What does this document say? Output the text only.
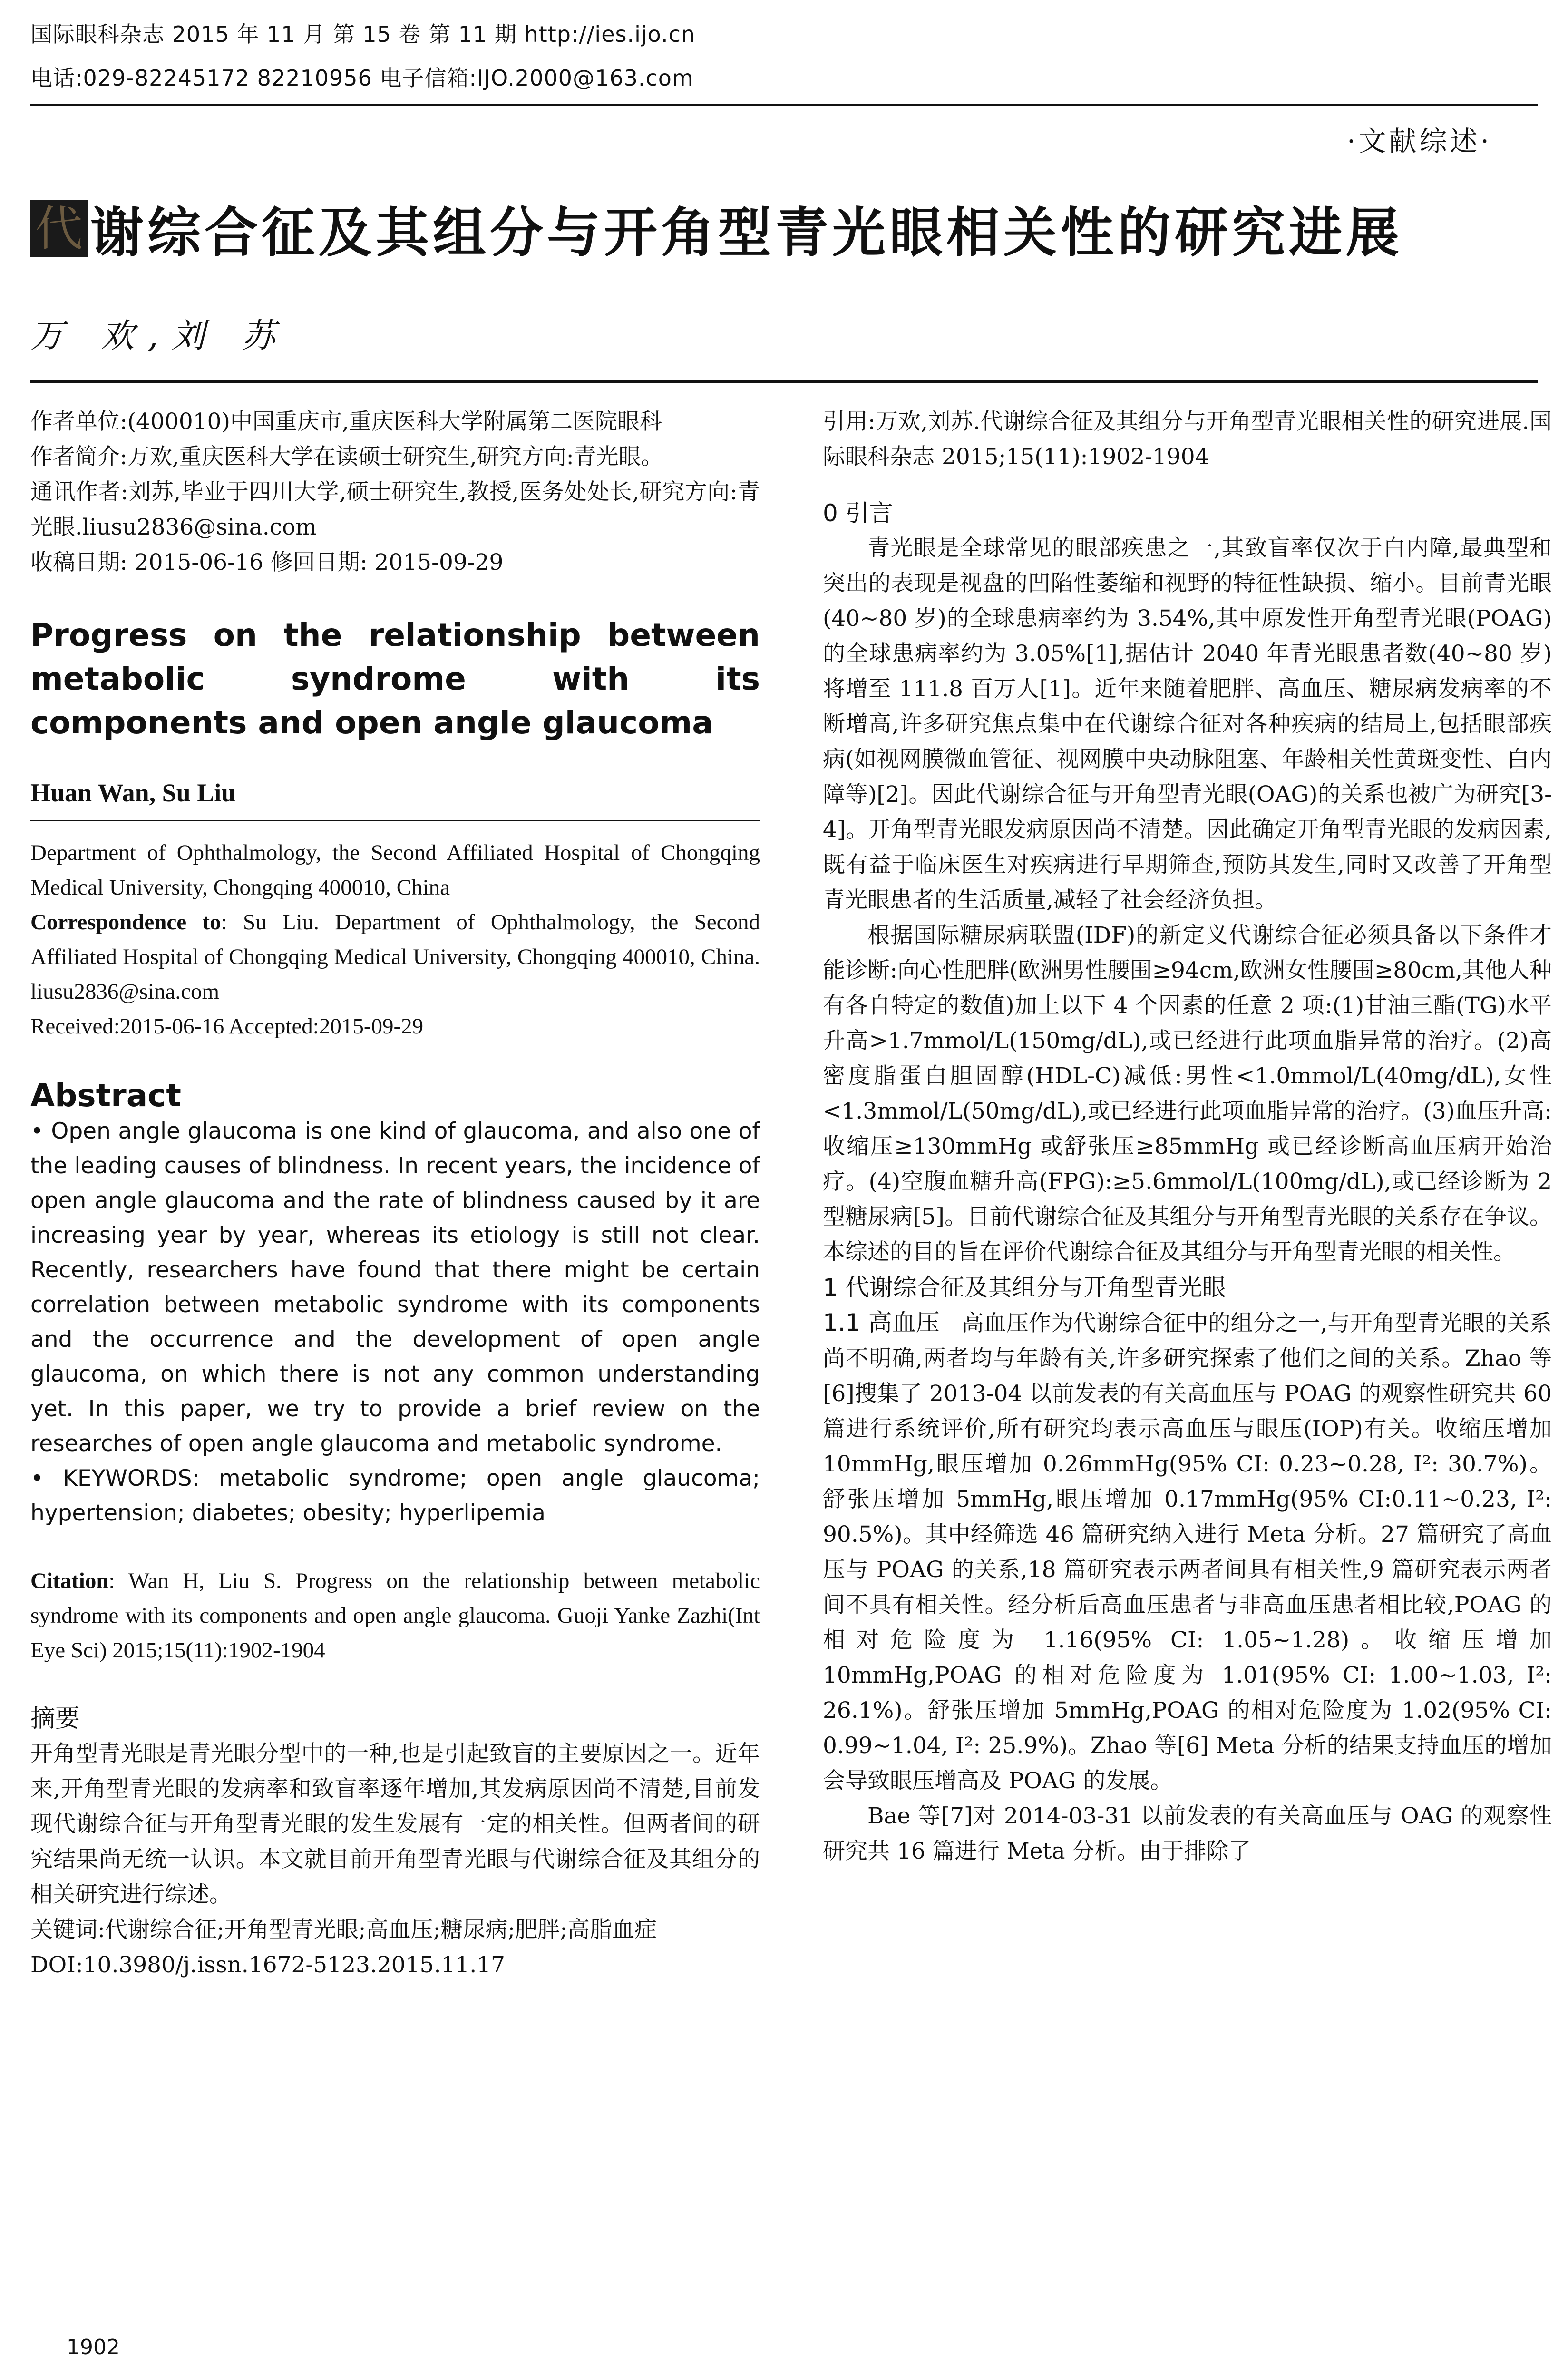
国际眼科杂志 2015 年 11 月 第 15 卷 第 11 期 http://ies.ijo.cn
电话:029-82245172 82210956 电子信箱:IJO.2000@163.com
·文献综述·
代 谢综合征及其组分与开角型青光眼相关性的研究进展
万 欢,刘 苏

作者单位:(400010)中国重庆市,重庆医科大学附属第二医院眼科

作者简介:万欢,重庆医科大学在读硕士研究生,研究方向:青光眼。

通讯作者:刘苏,毕业于四川大学,硕士研究生,教授,医务处处长,研究方向:青光眼.liusu2836@sina.com

收稿日期: 2015-06-16 修回日期: 2015-09-29

Progress on the relationship between metabolic syndrome with its components and open angle glaucoma

Huan Wan, Su Liu

Department of Ophthalmology, the Second Affiliated Hospital of Chongqing Medical University, Chongqing 400010, China

Correspondence to: Su Liu. Department of Ophthalmology, the Second Affiliated Hospital of Chongqing Medical University, Chongqing 400010, China. liusu2836@sina.com

Received:2015-06-16 Accepted:2015-09-29

Abstract

• Open angle glaucoma is one kind of glaucoma, and also one of the leading causes of blindness. In recent years, the incidence of open angle glaucoma and the rate of blindness caused by it are increasing year by year, whereas its etiology is still not clear. Recently, researchers have found that there might be certain correlation between metabolic syndrome with its components and the occurrence and the development of open angle glaucoma, on which there is not any common understanding yet. In this paper, we try to provide a brief review on the researches of open angle glaucoma and metabolic syndrome.

• KEYWORDS: metabolic syndrome; open angle glaucoma; hypertension; diabetes; obesity; hyperlipemia

Citation: Wan H, Liu S. Progress on the relationship between metabolic syndrome with its components and open angle glaucoma. Guoji Yanke Zazhi(Int Eye Sci) 2015;15(11):1902-1904

摘要

开角型青光眼是青光眼分型中的一种,也是引起致盲的主要原因之一。近年来,开角型青光眼的发病率和致盲率逐年增加,其发病原因尚不清楚,目前发现代谢综合征与开角型青光眼的发生发展有一定的相关性。但两者间的研究结果尚无统一认识。本文就目前开角型青光眼与代谢综合征及其组分的相关研究进行综述。

关键词:代谢综合征;开角型青光眼;高血压;糖尿病;肥胖;高脂血症

DOI:10.3980/j.issn.1672-5123.2015.11.17

1902

引用:万欢,刘苏.代谢综合征及其组分与开角型青光眼相关性的研究进展.国际眼科杂志 2015;15(11):1902-1904

0 引言

青光眼是全球常见的眼部疾患之一,其致盲率仅次于白内障,最典型和突出的表现是视盘的凹陷性萎缩和视野的特征性缺损、缩小。目前青光眼(40~80 岁)的全球患病率约为 3.54%,其中原发性开角型青光眼(POAG)的全球患病率约为 3.05%[1],据估计 2040 年青光眼患者数(40~80 岁)将增至 111.8 百万人[1]。近年来随着肥胖、高血压、糖尿病发病率的不断增高,许多研究焦点集中在代谢综合征对各种疾病的结局上,包括眼部疾病(如视网膜微血管征、视网膜中央动脉阻塞、年龄相关性黄斑变性、白内障等)[2]。因此代谢综合征与开角型青光眼(OAG)的关系也被广为研究[3-4]。开角型青光眼发病原因尚不清楚。因此确定开角型青光眼的发病因素,既有益于临床医生对疾病进行早期筛查,预防其发生,同时又改善了开角型青光眼患者的生活质量,减轻了社会经济负担。

根据国际糖尿病联盟(IDF)的新定义代谢综合征必须具备以下条件才能诊断:向心性肥胖(欧洲男性腰围≥94cm,欧洲女性腰围≥80cm,其他人种有各自特定的数值)加上以下 4 个因素的任意 2 项:(1)甘油三酯(TG)水平升高>1.7mmol/L(150mg/dL),或已经进行此项血脂异常的治疗。(2)高密度脂蛋白胆固醇(HDL-C)减低:男性<1.0mmol/L(40mg/dL),女性<1.3mmol/L(50mg/dL),或已经进行此项血脂异常的治疗。(3)血压升高:收缩压≥130mmHg 或舒张压≥85mmHg 或已经诊断高血压病开始治疗。(4)空腹血糖升高(FPG):≥5.6mmol/L(100mg/dL),或已经诊断为 2 型糖尿病[5]。目前代谢综合征及其组分与开角型青光眼的关系存在争议。本综述的目的旨在评价代谢综合征及其组分与开角型青光眼的相关性。

1 代谢综合征及其组分与开角型青光眼

1.1 高血压 高血压作为代谢综合征中的组分之一,与开角型青光眼的关系尚不明确,两者均与年龄有关,许多研究探索了他们之间的关系。Zhao 等[6]搜集了 2013-04 以前发表的有关高血压与 POAG 的观察性研究共 60 篇进行系统评价,所有研究均表示高血压与眼压(IOP)有关。收缩压增加 10mmHg,眼压增加 0.26mmHg(95% CI: 0.23~0.28, I²: 30.7%)。舒张压增加 5mmHg,眼压增加 0.17mmHg(95% CI:0.11~0.23, I²: 90.5%)。其中经筛选 46 篇研究纳入进行 Meta 分析。27 篇研究了高血压与 POAG 的关系,18 篇研究表示两者间具有相关性,9 篇研究表示两者间不具有相关性。经分析后高血压患者与非高血压患者相比较,POAG 的相对危险度为 1.16(95% CI: 1.05~1.28)。收缩压增加 10mmHg,POAG 的相对危险度为 1.01(95% CI: 1.00~1.03, I²: 26.1%)。舒张压增加 5mmHg,POAG 的相对危险度为 1.02(95% CI: 0.99~1.04, I²: 25.9%)。Zhao 等[6] Meta 分析的结果支持血压的增加会导致眼压增高及 POAG 的发展。

Bae 等[7]对 2014-03-31 以前发表的有关高血压与 OAG 的观察性研究共 16 篇进行 Meta 分析。由于排除了
